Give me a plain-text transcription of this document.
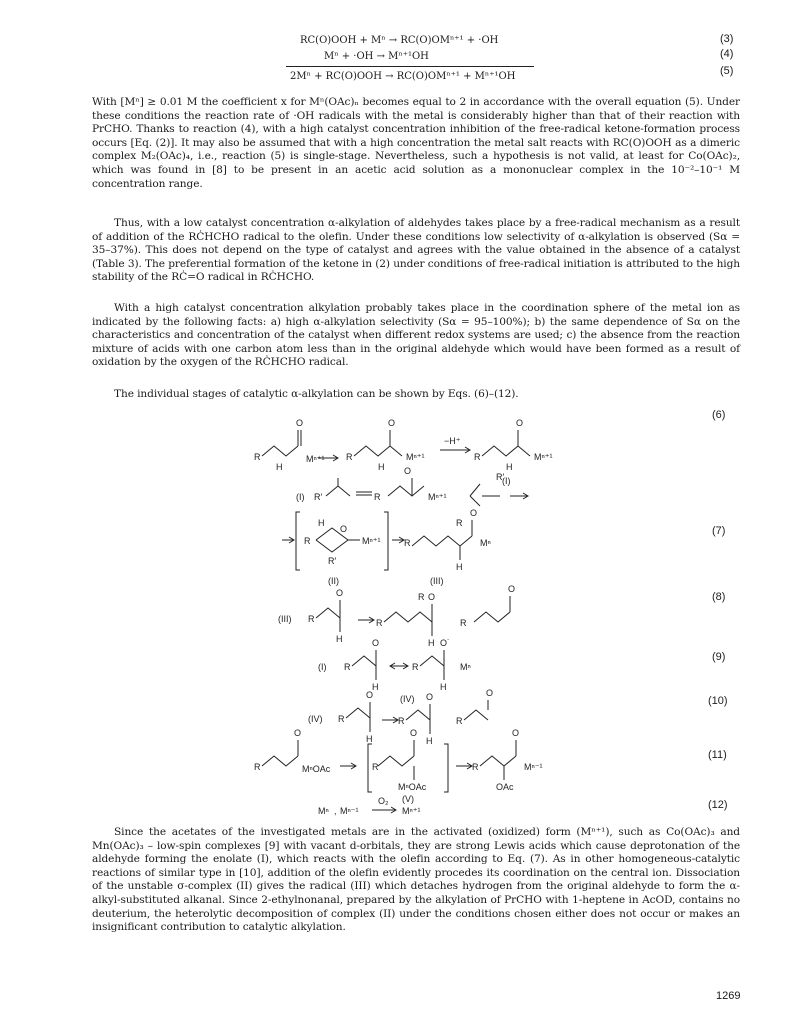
RC(O)OOH + Mⁿ → RC(O)OMⁿ⁺¹ + ·OH
Mⁿ + ·OH → Mⁿ⁺¹OH
2Mⁿ + RC(O)OOH → RC(O)OMⁿ⁺¹ + Mⁿ⁺¹OH
(3)
(4)
(5)
With [Mⁿ] ≥ 0.01 M the coefficient x for Mⁿ(OAc)ₙ becomes equal to 2 in accordance with the overall equation (5). Under these conditions the reaction rate of ·OH radicals with the metal is considerably higher than that of their reaction with PrCHO. Thanks to reaction (4), with a high catalyst concentration inhibition of the free-radical ketone-formation process occurs [Eq. (2)]. It may also be assumed that with a high concentration the metal salt reacts with RC(O)OOH as a dimeric complex M₂(OAc)₄, i.e., reaction (5) is single-stage. Nevertheless, such a hypothesis is not valid, at least for Co(OAc)₂, which was found in [8] to be present in an acetic acid solution as a mononuclear complex in the 10⁻²–10⁻¹ M concentration range.
Thus, with a low catalyst concentration α-alkylation of aldehydes takes place by a free-radical mechanism as a result of addition of the RĊHCHO radical to the olefin. Under these conditions low selectivity of α-alkylation is observed (Sα = 35–37%). This does not depend on the type of catalyst and agrees with the value obtained in the absence of a catalyst (Table 3). The preferential formation of the ketone in (2) under conditions of free-radical initiation is attributed to the high stability of the RĊ=O radical in RĊHCHO.
With a high catalyst concentration alkylation probably takes place in the coordination sphere of the metal ion as indicated by the following facts: a) high α-alkylation selectivity (Sα = 95–100%); b) the same dependence of Sα on the characteristics and concentration of the catalyst when different redox systems are used; c) the absence from the reaction mixture of acids with one carbon atom less than in the original aldehyde which would have been formed as a result of oxidation by the oxygen of the RĊHCHO radical.
The individual stages of catalytic α-alkylation can be shown by Eqs. (6)–(12).
R
O
H
Mⁿ⁺¹ R
O
Mⁿ⁺¹
H
−H⁺
R
O
Mⁿ⁺¹
H
(I)
(I) R′	R
O
Mⁿ⁺¹
R′
H
R
O
Mⁿ⁺¹
R′
(II)	(III)
R
R
O
H
Mⁿ
(III) R
O
H
R
R O
H
R
O
(I) R
O
H
R
O˙
H
Mⁿ
(IV)
(IV) R
O
H
R
O
H
R
O
R
O
MⁿOAc	R
O
MⁿOAc
(V)
R
O
OAc
Mⁿ⁻¹
Mⁿ , Mⁿ⁻¹
O₂
Mⁿ⁺¹
(6)
(7)
(8)
(9)
(10)
(11)
(12)
Since the acetates of the investigated metals are in the activated (oxidized) form (Mⁿ⁺¹), such as Co(OAc)₃ and Mn(OAc)₃ – low-spin complexes [9] with vacant d-orbitals, they are strong Lewis acids which cause deprotonation of the aldehyde forming the enolate (I), which reacts with the olefin according to Eq. (7). As in other homogeneous-catalytic reactions of similar type in [10], addition of the olefin evidently procedes its coordination on the central ion. Dissociation of the unstable σ-complex (II) gives the radical (III) which detaches hydrogen from the original aldehyde to form the α-alkyl-substituted alkanal. Since 2-ethylnonanal, prepared by the alkylation of PrCHO with 1-heptene in AcOD, contains no deuterium, the heterolytic decomposition of complex (II) under the conditions chosen either does not occur or makes an insignificant contribution to catalytic alkylation.
1269
